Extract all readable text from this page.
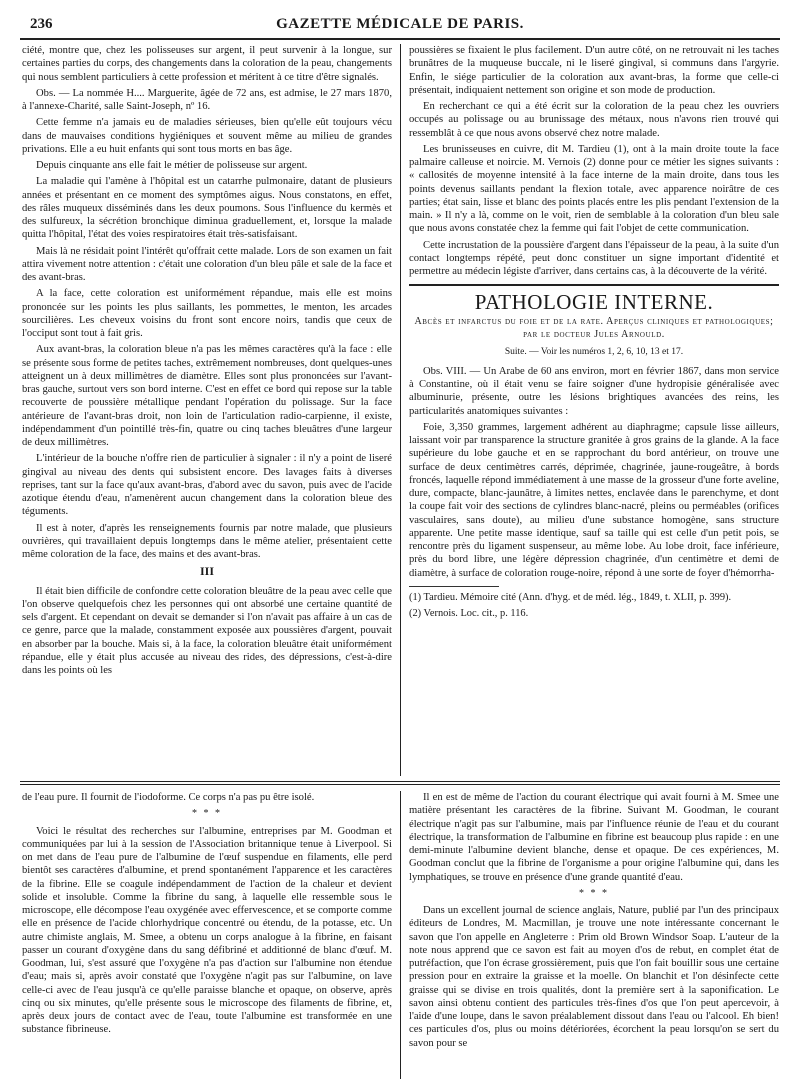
236	GAZETTE MÉDICALE DE PARIS.

ciété, montre que, chez les polisseuses sur argent, il peut survenir à la longue, sur certaines parties du corps, des changements dans la coloration de la peau, changements qui nous semblent particuliers à cette profession et méritent à ce titre d'être signalés.

Obs. — La nommée H.... Marguerite, âgée de 72 ans, est admise, le 27 mars 1870, à l'annexe-Charité, salle Saint-Joseph, nº 16.

Cette femme n'a jamais eu de maladies sérieuses, bien qu'elle eût toujours vécu dans de mauvaises conditions hygiéniques et souvent même au milieu de grandes privations. Elle a eu huit enfants qui sont tous morts en bas âge.

Depuis cinquante ans elle fait le métier de polisseuse sur argent.

La maladie qui l'amène à l'hôpital est un catarrhe pulmonaire, datant de plusieurs années et présentant en ce moment des symptômes aigus. Nous constatons, en effet, des râles muqueux disséminés dans les deux poumons. Sous l'influence du kermès et des sulfureux, la sécrétion bronchique diminua graduellement, et, lorsque la malade quitta l'hôpital, l'état des voies respiratoires était très-satisfaisant.

Mais là ne résidait point l'intérêt qu'offrait cette malade. Lors de son examen un fait attira vivement notre attention : c'était une coloration d'un bleu pâle et sale de la face et des avant-bras.

A la face, cette coloration est uniformément répandue, mais elle est moins prononcée sur les points les plus saillants, les pommettes, le menton, les arcades sourcilières. Les cheveux voisins du front sont encore noirs, tandis que ceux de l'occiput sont tout à fait gris.

Aux avant-bras, la coloration bleue n'a pas les mêmes caractères qu'à la face : elle se présente sous forme de petites taches, extrêmement nombreuses, dont quelques-unes atteignent un à deux millimètres de diamètre. Elles sont plus prononcées sur l'avant-bras gauche, surtout vers son bord interne. C'est en effet ce bord qui repose sur la table recouverte de poussière métallique pendant l'opération du polissage. Sur la face antérieure de l'avant-bras droit, non loin de l'articulation radio-carpienne, il existe, indépendamment d'un pointillé très-fin, quatre ou cinq taches bleuâtres d'une largeur de deux millimètres.

L'intérieur de la bouche n'offre rien de particulier à signaler : il n'y a point de liseré gingival au niveau des dents qui subsistent encore. Des lavages faits à diverses reprises, tant sur la face qu'aux avant-bras, d'abord avec du savon, puis avec de l'acide azotique étendu d'eau, n'amenèrent aucun changement dans la coloration bleue des téguments.

Il est à noter, d'après les renseignements fournis par notre malade, que plusieurs ouvrières, qui travaillaient depuis longtemps dans le même atelier, présentaient cette même coloration de la face, des mains et des avant-bras.

III

Il était bien difficile de confondre cette coloration bleuâtre de la peau avec celle que l'on observe quelquefois chez les personnes qui ont absorbé une certaine quantité de sels d'argent. Et cependant on devait se demander si l'on n'avait pas affaire à un cas de ce genre, parce que la malade, constamment exposée aux poussières d'argent, pouvait en absorber par la bouche. Mais si, à la face, la coloration bleuâtre était uniformément répandue, elle y était plus accusée au niveau des rides, des dépressions, c'est-à-dire dans les points où les

poussières se fixaient le plus facilement. D'un autre côté, on ne retrouvait ni les taches brunâtres de la muqueuse buccale, ni le liseré gingival, si communs dans l'argyrie. Enfin, le siége particulier de la coloration aux avant-bras, la forme que celle-ci présentait, indiquaient nettement son origine et son mode de production.

En recherchant ce qui a été écrit sur la coloration de la peau chez les ouvriers occupés au polissage ou au brunissage des métaux, nous n'avons rien trouvé qui ressemblât à ce que nous avons observé chez notre malade.

Les brunisseuses en cuivre, dit M. Tardieu (1), ont à la main droite toute la face palmaire calleuse et noircie. M. Vernois (2) donne pour ce métier les signes suivants : « callosités de moyenne intensité à la face interne de la main droite, dans tous les points devenus saillants pendant la flexion totale, avec apparence noirâtre de ces parties; état sain, lisse et blanc des points placés entre les plis pendant l'extension de la main. » Il n'y a là, comme on le voit, rien de semblable à la coloration d'un bleu sale que nous avons constatée chez la femme qui fait l'objet de cette communication.

Cette incrustation de la poussière d'argent dans l'épaisseur de la peau, à la suite d'un contact longtemps répété, peut donc constituer un signe important d'identité et permettre au médecin légiste d'arriver, dans certains cas, à la découverte de la vérité.

PATHOLOGIE INTERNE.
Abcès et infarctus du foie et de la rate. Aperçus cliniques et pathologiques; par le docteur Jules Arnould.
Suite. — Voir les numéros 1, 2, 6, 10, 13 et 17.

Obs. VIII. — Un Arabe de 60 ans environ, mort en février 1867, dans mon service à Constantine, où il était venu se faire soigner d'une hydropisie généralisée avec albuminurie, présente, outre les lésions brightiques avancées des reins, les particularités anatomiques suivantes :

Foie, 3,350 grammes, largement adhérent au diaphragme; capsule lisse ailleurs, laissant voir par transparence la structure granitée à gros grains de la glande. A la face supérieure du lobe gauche et en se rapprochant du bord antérieur, on trouve une surface de deux centimètres carrés, déprimée, chagrinée, jaune-rougeâtre, à bords froncés, laquelle répond immédiatement à une masse de la grosseur d'une forte aveline, dure, compacte, blanc-jaunâtre, à limites nettes, enclavée dans le parenchyme, et dont la coupe fait voir des sections de cylindres blanc-nacré, pleins ou perméables (orifices vasculaires, sans doute), au milieu d'une substance homogène, sans structure apparente. Une petite masse identique, sauf sa taille qui est celle d'un petit pois, se rencontre près du ligament suspenseur, au même lobe. Au lobe droit, face inférieure, près du bord libre, une légère dépression chagrinée, d'un centimètre et demi de diamètre, à surface de coloration rouge-noire, répond à une sorte de foyer d'hémorrha-

(1) Tardieu. Mémoire cité (Ann. d'hyg. et de méd. lég., 1849, t. XLII, p. 399).

(2) Vernois. Loc. cit., p. 116.

de l'eau pure. Il fournit de l'iodoforme. Ce corps n'a pas pu être isolé.

* * *

Voici le résultat des recherches sur l'albumine, entreprises par M. Goodman et communiquées par lui à la session de l'Association britannique tenue à Liverpool. Si on met dans de l'eau pure de l'albumine de l'œuf suspendue en filaments, elle perd bientôt ses caractères d'albumine, et prend spontanément l'apparence et les caractères de la fibrine. Elle se coagule indépendamment de l'action de la chaleur et devient solide et insoluble. Comme la fibrine du sang, à laquelle elle ressemble sous le microscope, elle décompose l'eau oxygénée avec effervescence, et se comporte comme elle en présence de l'acide chlorhydrique concentré ou étendu, de la potasse, etc. Un autre chimiste anglais, M. Smee, a obtenu un corps analogue à la fibrine, en faisant passer un courant d'oxygène dans du sang défibriné et additionné de blanc d'œuf. M. Goodman, lui, s'est assuré que l'oxygène n'a pas d'action sur l'albumine non étendue d'eau; mais si, après avoir constaté que l'oxygène n'agit pas sur l'albumine, on lave celle-ci avec de l'eau jusqu'à ce qu'elle paraisse blanche et opaque, on observe, après cinq ou six minutes, qu'elle présente sous le microscope des filaments de fibrine, et, après deux jours de contact avec de l'eau, toute l'albumine est transformée en une substance fibrineuse.

Il en est de même de l'action du courant électrique qui avait fourni à M. Smee une matière présentant les caractères de la fibrine. Suivant M. Goodman, le courant électrique n'agit pas sur l'albumine, mais par l'influence réunie de l'eau et du courant électrique, la transformation de l'albumine en fibrine est beaucoup plus rapide : en une demi-minute l'albumine devient blanche, dense et opaque. De ces expériences, M. Goodman conclut que la fibrine de l'organisme a pour origine l'albumine qui, dans les lymphatiques, se trouve en présence d'une grande quantité d'eau.

* * *

Dans un excellent journal de science anglais, Nature, publié par l'un des principaux éditeurs de Londres, M. Macmillan, je trouve une note intéressante concernant le savon que l'on appelle en Angleterre : Prim old Brown Windsor Soap. L'auteur de la note nous apprend que ce savon est fait au moyen d'os de rebut, en complet état de putréfaction, que l'on écrase grossièrement, puis que l'on fait bouillir sous une certaine pression pour en extraire la graisse et la moelle. On blanchit et l'on désinfecte cette graisse qui se divise en trois qualités, dont la première sert à la saponification. Le savon ainsi obtenu contient des particules très-fines d'os que l'on peut apercevoir, à l'aide d'une loupe, dans le savon préalablement dissout dans l'eau ou l'alcool. Eh bien! ces particules d'os, plus ou moins détériorées, écorchent la peau lorsqu'on se sert du savon pour se
